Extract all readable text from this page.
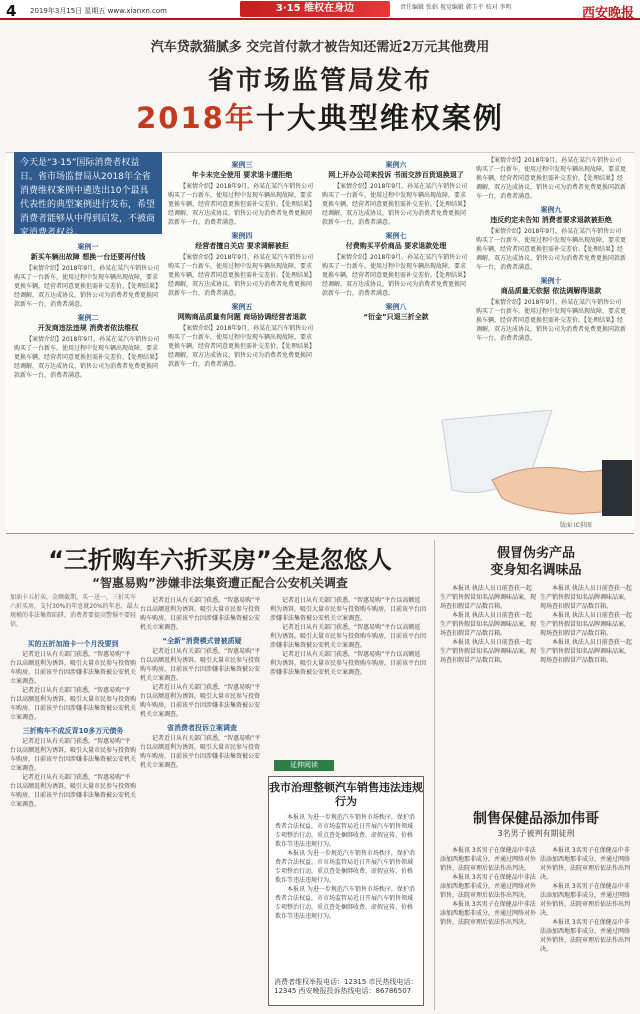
4 2019年3月15日 星期五 www.xianxn.com	3·15 维权在身边	责任编辑 张娟 视觉编辑 韩玉平 校对 李明	西安晚报
汽车贷款猫腻多 交完首付款才被告知还需近2万元其他费用
省市场监管局发布
2018年十大典型维权案例
今天是“3·15”国际消费者权益日。省市场监督局从2018年全省消费维权案例中遴选出10个最具代表性的典型案例进行发布，希望消费者能够从中得到启发，不被商家消费者权益。
案例一
新买车辆出故障 想换一台还要再付钱
【案情介绍】2018年9月，孙某在某汽车销售公司购买了一台新车，使用过程中发现车辆出现故障，要求更换车辆，经营者同意更换但需补交差价。【处理结果】经调解，双方达成协议，销售公司为消费者免费更换同款新车一台，消费者满意。
案例二
开发商违法违规 消费者依法维权
【案情介绍】2018年9月，孙某在某汽车销售公司购买了一台新车，使用过程中发现车辆出现故障，要求更换车辆，经营者同意更换但需补交差价。【处理结果】经调解，双方达成协议，销售公司为消费者免费更换同款新车一台，消费者满意。
案例三
年卡未完全使用 要求退卡遭拒绝
【案情介绍】2018年9月，孙某在某汽车销售公司购买了一台新车，使用过程中发现车辆出现故障，要求更换车辆，经营者同意更换但需补交差价。【处理结果】经调解，双方达成协议，销售公司为消费者免费更换同款新车一台，消费者满意。
案例四
经营者擅自关店 要求调解被拒
【案情介绍】2018年9月，孙某在某汽车销售公司购买了一台新车，使用过程中发现车辆出现故障，要求更换车辆，经营者同意更换但需补交差价。【处理结果】经调解，双方达成协议，销售公司为消费者免费更换同款新车一台，消费者满意。
案例五
网购商品质量有问题 商场协调经营者退款
【案情介绍】2018年9月，孙某在某汽车销售公司购买了一台新车，使用过程中发现车辆出现故障，要求更换车辆，经营者同意更换但需补交差价。【处理结果】经调解，双方达成协议，销售公司为消费者免费更换同款新车一台，消费者满意。
案例六
网上开办公司来投诉 书面交涉百货退换退了
【案情介绍】2018年9月，孙某在某汽车销售公司购买了一台新车，使用过程中发现车辆出现故障，要求更换车辆，经营者同意更换但需补交差价。【处理结果】经调解，双方达成协议，销售公司为消费者免费更换同款新车一台，消费者满意。
案例七
付费购买平价商品 要求退款处理
【案情介绍】2018年9月，孙某在某汽车销售公司购买了一台新车，使用过程中发现车辆出现故障，要求更换车辆，经营者同意更换但需补交差价。【处理结果】经调解，双方达成协议，销售公司为消费者免费更换同款新车一台，消费者满意。
案例八
“衍金”只退三折全款
【案情介绍】2018年9月，孙某在某汽车销售公司购买了一台新车，使用过程中发现车辆出现故障，要求更换车辆，经营者同意更换但需补交差价。【处理结果】经调解，双方达成协议，销售公司为消费者免费更换同款新车一台，消费者满意。
案例九
违反约定未告知 消费者要求退款被拒绝
【案情介绍】2018年9月，孙某在某汽车销售公司购买了一台新车，使用过程中发现车辆出现故障，要求更换车辆，经营者同意更换但需补交差价。【处理结果】经调解，双方达成协议，销售公司为消费者免费更换同款新车一台，消费者满意。
案例十
商品质量无依据 依法调解得退款
【案情介绍】2018年9月，孙某在某汽车销售公司购买了一台新车，使用过程中发现车辆出现故障，要求更换车辆，经营者同意更换但需补交差价。【处理结果】经调解，双方达成协议，销售公司为消费者免费更换同款新车一台，消费者满意。
版面 IC供图
“三折购车六折买房”全是忽悠人
“智惠易购”涉嫌非法集资遭正配合公安机关调查
加油卡五折卖，金额截期，买一送一，三折买车六折买房，支付30%的年息就20%的年息，最大规模的非法集资陷阱，消费者要提高警惕不要轻信。
买的五折加油卡一个月没要到
记者近日从有关部门获悉，“智惠易购”平台以高额返利为诱饵，吸引大量市民参与投资购车购房，目前该平台因涉嫌非法集资被公安机关立案调查。
记者近日从有关部门获悉，“智惠易购”平台以高额返利为诱饵，吸引大量市民参与投资购车购房，目前该平台因涉嫌非法集资被公安机关立案调查。
三折购车不成反背10多万元债务
记者近日从有关部门获悉，“智惠易购”平台以高额返利为诱饵，吸引大量市民参与投资购车购房，目前该平台因涉嫌非法集资被公安机关立案调查。
记者近日从有关部门获悉，“智惠易购”平台以高额返利为诱饵，吸引大量市民参与投资购车购房，目前该平台因涉嫌非法集资被公安机关立案调查。
记者近日从有关部门获悉，“智惠易购”平台以高额返利为诱饵，吸引大量市民参与投资购车购房，目前该平台因涉嫌非法集资被公安机关立案调查。
“全新”消费模式曾被质疑
记者近日从有关部门获悉，“智惠易购”平台以高额返利为诱饵，吸引大量市民参与投资购车购房，目前该平台因涉嫌非法集资被公安机关立案调查。
记者近日从有关部门获悉，“智惠易购”平台以高额返利为诱饵，吸引大量市民参与投资购车购房，目前该平台因涉嫌非法集资被公安机关立案调查。
省消费者投诉立案调查
记者近日从有关部门获悉，“智惠易购”平台以高额返利为诱饵，吸引大量市民参与投资购车购房，目前该平台因涉嫌非法集资被公安机关立案调查。
记者近日从有关部门获悉，“智惠易购”平台以高额返利为诱饵，吸引大量市民参与投资购车购房，目前该平台因涉嫌非法集资被公安机关立案调查。
记者近日从有关部门获悉，“智惠易购”平台以高额返利为诱饵，吸引大量市民参与投资购车购房，目前该平台因涉嫌非法集资被公安机关立案调查。
记者近日从有关部门获悉，“智惠易购”平台以高额返利为诱饵，吸引大量市民参与投资购车购房，目前该平台因涉嫌非法集资被公安机关立案调查。
延伸阅读
我市治理整顿汽车销售违法违规行为
本报讯 为进一步规范汽车销售市场秩序，保护消费者合法权益，市市场监管局近日开展汽车销售领域专项整治行动，重点查处捆绑收费、虚假宣传、价格欺诈等违法违规行为。
本报讯 为进一步规范汽车销售市场秩序，保护消费者合法权益，市市场监管局近日开展汽车销售领域专项整治行动，重点查处捆绑收费、虚假宣传、价格欺诈等违法违规行为。
本报讯 为进一步规范汽车销售市场秩序，保护消费者合法权益，市市场监管局近日开展汽车销售领域专项整治行动，重点查处捆绑收费、虚假宣传、价格欺诈等违法违规行为。
消费者维权举报电话：12315 市民热线电话：12345 西安晚报投诉热线电话：86786507
假冒伪劣产品
变身知名调味品
本报讯 执法人员日前查获一起生产销售假冒知名品牌调味品案，现场查扣假冒产品数百箱。
本报讯 执法人员日前查获一起生产销售假冒知名品牌调味品案，现场查扣假冒产品数百箱。
本报讯 执法人员日前查获一起生产销售假冒知名品牌调味品案，现场查扣假冒产品数百箱。
本报讯 执法人员日前查获一起生产销售假冒知名品牌调味品案，现场查扣假冒产品数百箱。
本报讯 执法人员日前查获一起生产销售假冒知名品牌调味品案，现场查扣假冒产品数百箱。
本报讯 执法人员日前查获一起生产销售假冒知名品牌调味品案，现场查扣假冒产品数百箱。
制售保健品添加伟哥
3名男子被判有期徒刑
本报讯 3名男子在保健品中非法添加西地那非成分，并通过网络对外销售，法院审理后依法作出判决。
本报讯 3名男子在保健品中非法添加西地那非成分，并通过网络对外销售，法院审理后依法作出判决。
本报讯 3名男子在保健品中非法添加西地那非成分，并通过网络对外销售，法院审理后依法作出判决。
本报讯 3名男子在保健品中非法添加西地那非成分，并通过网络对外销售，法院审理后依法作出判决。
本报讯 3名男子在保健品中非法添加西地那非成分，并通过网络对外销售，法院审理后依法作出判决。
本报讯 3名男子在保健品中非法添加西地那非成分，并通过网络对外销售，法院审理后依法作出判决。
